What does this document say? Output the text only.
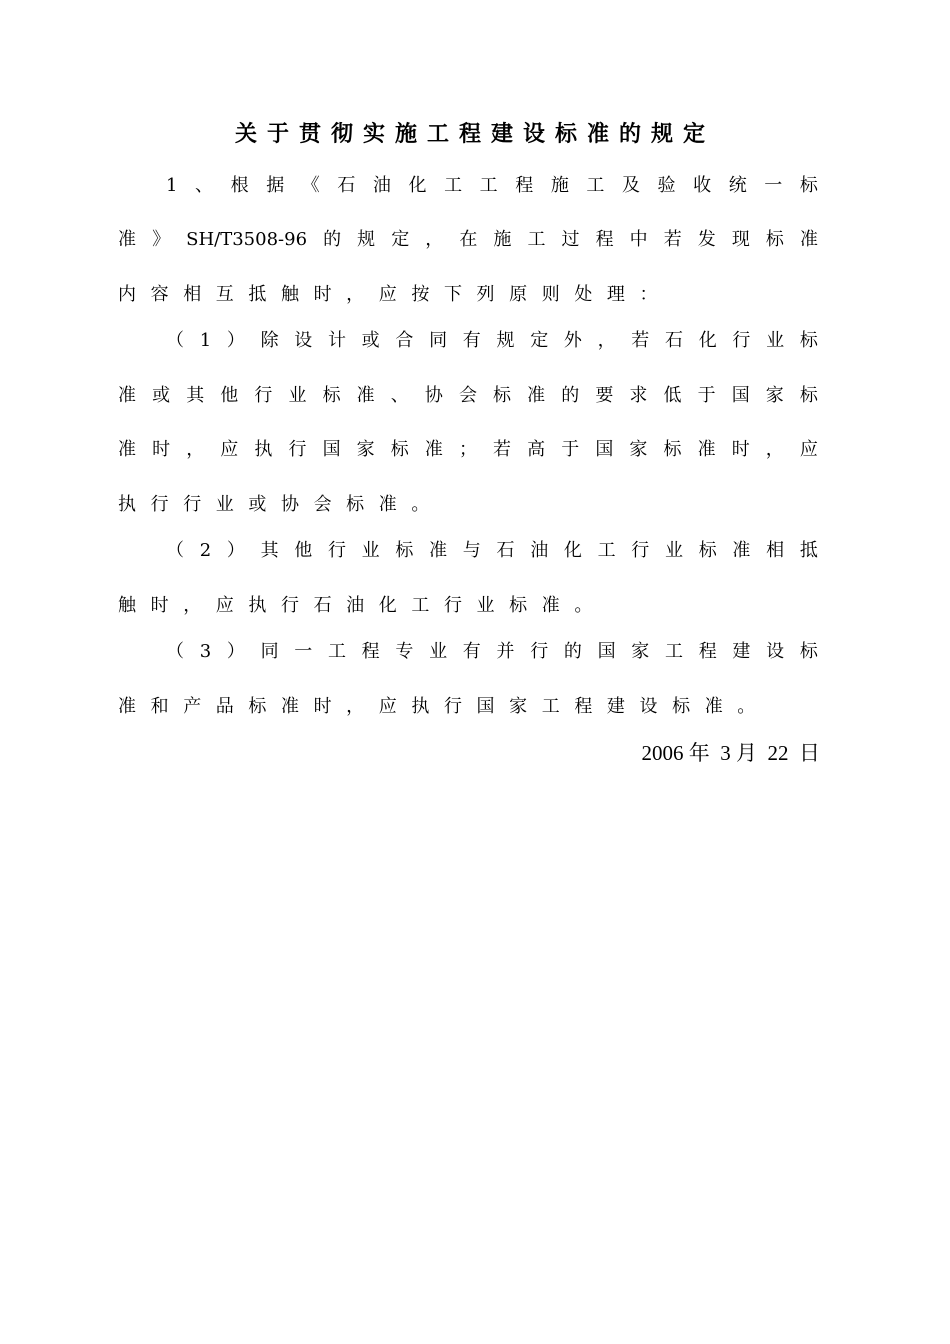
关于贯彻实施工程建设标准的规定
1 、 根 据 《 石 油 化 工 工 程 施 工 及 验 收 统 一 标
准 》 SH/T3508-96 的 规 定 ， 在 施 工 过 程 中 若 发 现 标 准
内 容 相 互 抵 触 时 ， 应 按 下 列 原 则 处 理 ：
（ 1 ） 除 设 计 或 合 同 有 规 定 外 ， 若 石 化 行 业 标
准 或 其 他 行 业 标 准 、 协 会 标 准 的 要 求 低 于 国 家 标
准 时 ， 应 执 行 国 家 标 准 ； 若 高 于 国 家 标 准 时 ， 应
执 行 行 业 或 协 会 标 准 。
（ 2 ） 其 他 行 业 标 准 与 石 油 化 工 行 业 标 准 相 抵
触 时 ， 应 执 行 石 油 化 工 行 业 标 准 。
（ 3 ） 同 一 工 程 专 业 有 并 行 的 国 家 工 程 建 设 标
准 和 产 品 标 准 时 ， 应 执 行 国 家 工 程 建 设 标 准 。
2006 年  3 月  22  日
